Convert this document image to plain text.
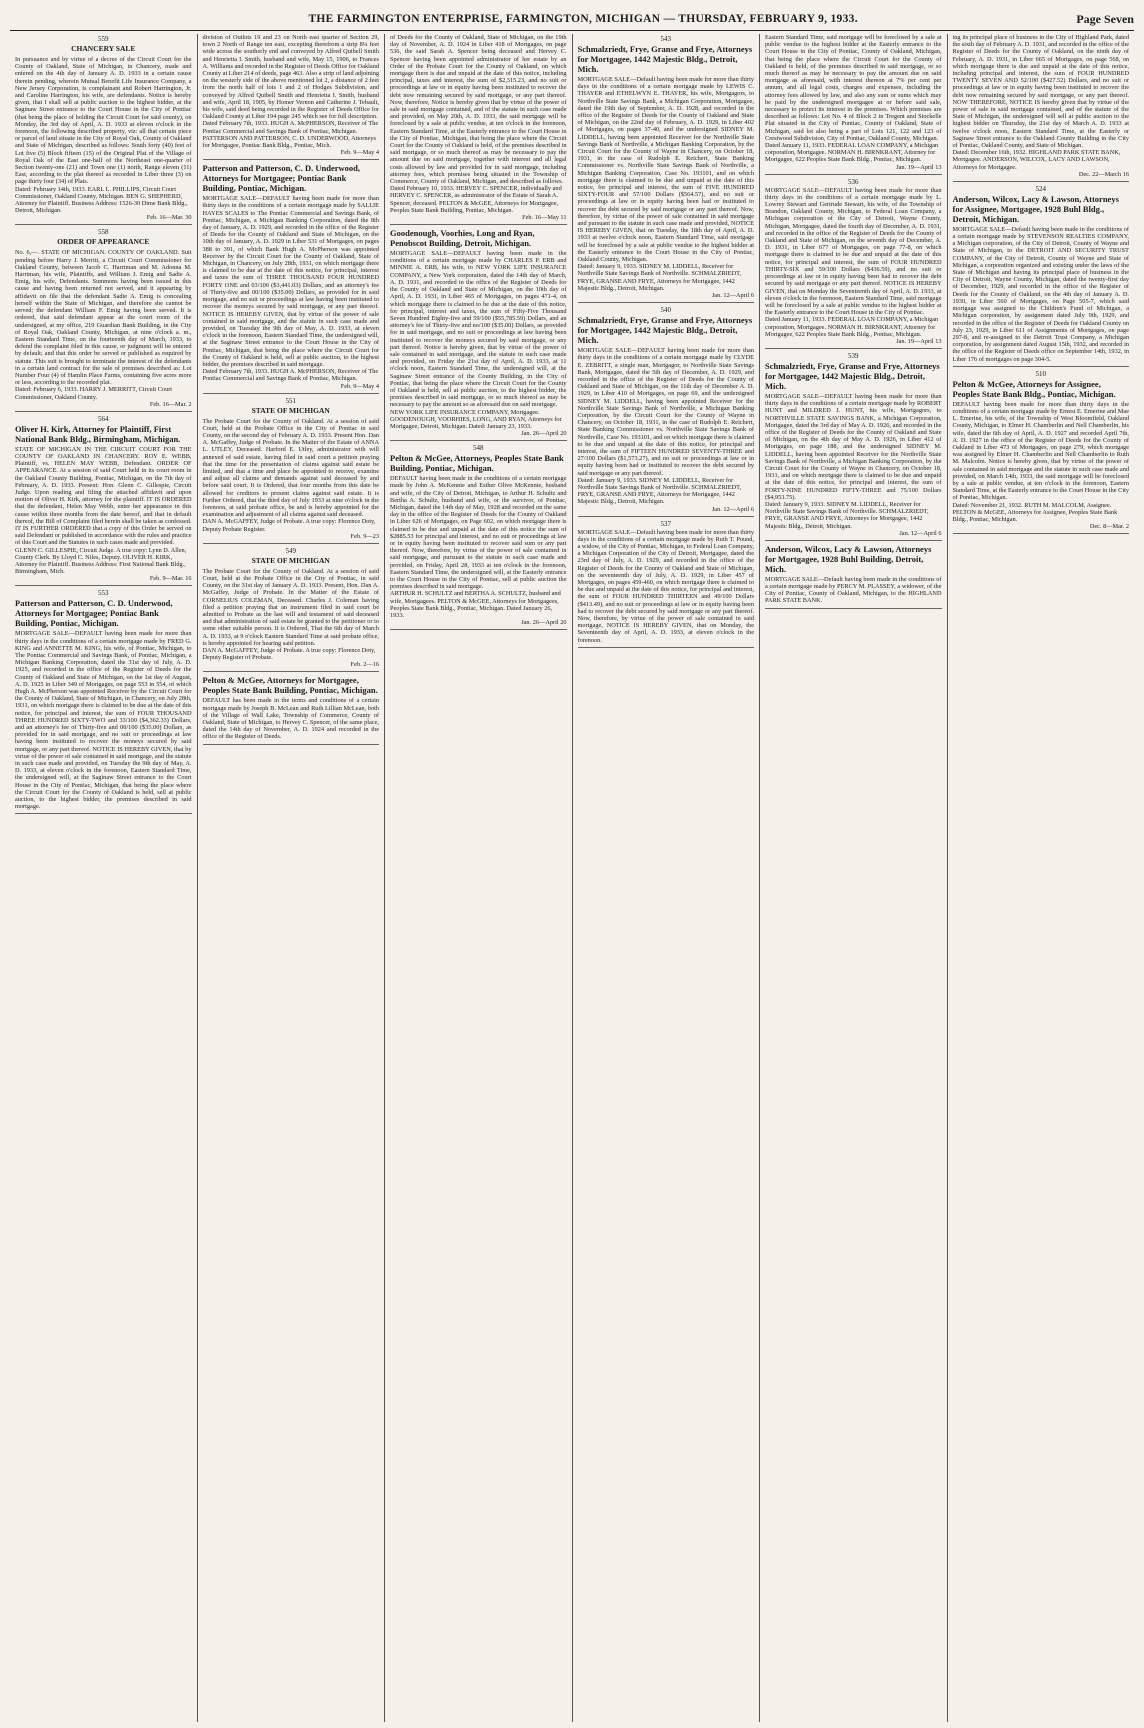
THE FARMINGTON ENTERPRISE, FARMINGTON, MICHIGAN — THURSDAY, FEBRUARY 9, 1933.	Page Seven
559
CHANCERY SALE

In pursuance and by virtue of a decree of the Circuit Court for the County of Oakland, State of Michigan, in Chancery, made and entered on the 4th day of January A. D. 1933 in a certain cause therein pending, wherein Mutual Benefit Life Insurance Company, a New Jersey Corporation, is complainant and Robert Harrington, Jr. and Caroline Harrington, his wife, are defendants. Notice is hereby given, that I shall sell at public auction to the highest bidder, at the Saginaw Street entrance to the Court House in the City of Pontiac (that being the place of holding the Circuit Court for said county), on Monday, the 3rd day of April, A. D. 1933 at eleven o'clock in the forenoon, the following described property, viz: all that certain piece or parcel of land situate in the City of Royal Oak, County of Oakland and State of Michigan, described as follows: South forty (40) feet of Lot five (5) Block fifteen (15) of the Original Plat of the Village of Royal Oak of the East one-half of the Northeast one-quarter of Section twenty-one (21) and Town one (1) north, Range eleven (11) East, according to the plat thereof as recorded in Liber three (3) on page thirty four (34) of Plats.

Dated: February 14th, 1933. EARL L. PHILLIPS, Circuit Court Commissioner, Oakland County, Michigan. BEN G. SHEPHERD, Attorney for Plaintiff. Business Address: 1526-30 Dime Bank Bldg., Detroit, Michigan.

Feb. 16—Mar. 30

558
ORDER OF APPEARANCE

No. 6,—. STATE OF MICHIGAN. COUNTY OF OAKLAND. Suit pending before Harry J. Merritt, a Circuit Court Commissioner for Oakland County, between Jacob C. Harriman and M. Adonna M. Harriman, his wife, Plaintiffs, and William J. Emig and Sadie A. Emig, his wife, Defendants. Summons having been issued in this cause and having been returned not served, and it appearing by affidavit on file that the defendant Sadie A. Emig is concealing herself within the State of Michigan, and therefore she cannot be served; the defendant William F. Emig having been served. It is ordered, that said defendant appear at the court room of the undersigned, at my office, 219 Guardian Bank Building, in the City of Royal Oak, Oakland County, Michigan, at nine o'clock a. m., Eastern Standard Time, on the fourteenth day of March, 1933, to defend the complaint filed in this cause, or judgment will be entered by default; and that this order be served or published as required by statute. This suit is brought to terminate the interest of the defendants in a certain land contract for the sale of premises described as: Lot Number Four (4) of Hamlin Place Farms, containing five acres more or less, according to the recorded plat.

Dated: February 6, 1933. HARRY J. MERRITT, Circuit Court Commissioner, Oakland County.

Feb. 16—Mar. 2

564
Oliver H. Kirk, Attorney for Plaintiff, First National Bank Bldg., Birmingham, Michigan.

STATE OF MICHIGAN IN THE CIRCUIT COURT FOR THE COUNTY OF OAKLAND IN CHANCERY. ROY E. WEBB, Plaintiff, vs. HELEN MAY WEBB, Defendant. ORDER OF APPEARANCE. At a session of said Court held in its court room in the Oakland County Building, Pontiac, Michigan, on the 7th day of February, A. D. 1933. Present: Hon. Glenn C. Gillespie, Circuit Judge. Upon reading and filing the attached affidavit and upon motion of Oliver H. Kirk, attorney for the plaintiff. IT IS ORDERED that the defendant, Helen May Webb, enter her appearance in this cause within three months from the date hereof, and that in default thereof, the Bill of Complaint filed herein shall be taken as confessed. IT IS FURTHER ORDERED that a copy of this Order be served on said Defendant or published in accordance with the rules and practice of this Court and the Statutes in such cases made and provided.

GLENN C. GILLESPIE, Circuit Judge. A true copy: Lynn D. Allen, County Clerk. By Lloyd C. Niles, Deputy. OLIVER H. KIRK, Attorney for Plaintiff. Business Address: First National Bank Bldg., Birmingham, Mich.

Feb. 9—Mar. 16

553
Patterson and Patterson, C. D. Underwood, Attorneys for Mortgagee; Pontiac Bank Building, Pontiac, Michigan.

MORTGAGE SALE—DEFAULT having been made for more than thirty days in the conditions of a certain mortgage made by FRED G. KING and ANNETTE M. KING, his wife, of Pontiac, Michigan, to The Pontiac Commercial and Savings Bank, of Pontiac, Michigan, a Michigan Banking Corporation, dated the 31st day of July, A. D. 1925, and recorded in the office of the Register of Deeds for the County of Oakland and State of Michigan, on the 1st day of August, A. D. 1925 in Liber 349 of Mortgages, on page 553 in 554, of which Hugh A. McPherson was appointed Receiver by the Circuit Court for the County of Oakland, State of Michigan, in Chancery, on July 28th, 1931, on which mortgage there is claimed to be due at the date of this notice, for principal and interest, the sum of FOUR THOUSAND THREE HUNDRED SIXTY-TWO and 33/100 ($4,362.33) Dollars, and an attorney's fee of Thirty-five and 00/100 ($35.00) Dollars, as provided for in said mortgage, and no suit or proceedings at law having been instituted to recover the moneys secured by said mortgage, or any part thereof. NOTICE IS HEREBY GIVEN, that by virtue of the power of sale contained in said mortgage, and the statute in such case made and provided, on Tuesday the 9th day of May, A. D. 1933, at eleven o'clock in the forenoon, Eastern Standard Time, the undersigned will, at the Saginaw Street entrance to the Court House in the City of Pontiac, Michigan, that being the place where the Circuit Court for the County of Oakland is held, sell at public auction, to the highest bidder, the premises described in said mortgage.

division of Outlots 19 and 23 on North east quarter of Section 29, town 2 North of Range ten east, excepting therefrom a strip 8¼ feet wide across the southerly end and conveyed by Alfred Quibell Smith and Henrietta I. Smith, husband and wife, May 15, 1906, to Frances A. Williams and recorded in the Register of Deeds Office for Oakland County at Liber 214 of deeds, page 463. Also a strip of land adjoining on the westerly side of the above mentioned lot 2, a distance of 2 feet from the north half of lots 1 and 2 of Hodges Subdivision, and conveyed by Alfred Quibell Smith and Henrietta I. Smith, husband and wife, April 18, 1905, by Homer Vernon and Catherine J. Tebault, his wife, said deed being recorded in the Register of Deeds Office for Oakland County at Liber 194 page 245 which see for full description.

Dated February 7th, 1933. HUGH A. McPHERSON, Receiver of The Pontiac Commercial and Savings Bank of Pontiac, Michigan. PATTERSON AND PATTERSON, C. D. UNDERWOOD, Attorneys for Mortgagee, Pontiac Bank Bldg., Pontiac, Mich.

Feb. 9—May 4

Patterson and Patterson, C. D. Underwood, Attorneys for Mortgagee; Pontiac Bank Building, Pontiac, Michigan.

MORTGAGE SALE—DEFAULT having been made for more than thirty days in the conditions of a certain mortgage made by SALLIE HAYES SCALES to The Pontiac Commercial and Savings Bank, of Pontiac, Michigan, a Michigan Banking Corporation, dated the 8th day of January, A. D. 1929, and recorded in the office of the Register of Deeds for the County of Oakland and State of Michigan, on the 10th day of January, A. D. 1929 in Liber 531 of Mortgages, on pages 388 to 391, of which Bank Hugh A. McPherson was appointed Receiver by the Circuit Court for the County of Oakland, State of Michigan, in Chancery, on July 28th, 1931, on which mortgage there is claimed to be due at the date of this notice, for principal, interest and taxes the sum of THREE THOUSAND FOUR HUNDRED FORTY ONE and 03/100 ($3,441.03) Dollars, and an attorney's fee of Thirty-five and 00/100 ($35.00) Dollars, as provided for in said mortgage, and no suit or proceedings at law having been instituted to recover the moneys secured by said mortgage, or any part thereof. NOTICE IS HEREBY GIVEN, that by virtue of the power of sale contained in said mortgage, and the statute in such case made and provided, on Tuesday the 9th day of May, A. D. 1933, at eleven o'clock in the forenoon, Eastern Standard Time, the undersigned will, at the Saginaw Street entrance to the Court House in the City of Pontiac, Michigan, that being the place where the Circuit Court for the County of Oakland is held, sell at public auction, to the highest bidder, the premises described in said mortgage.

Dated February 7th, 1933. HUGH A. McPHERSON, Receiver of The Pontiac Commercial and Savings Bank of Pontiac, Michigan.

Feb. 9—May 4

551
STATE OF MICHIGAN

The Probate Court for the County of Oakland. At a session of said Court, held at the Probate Office in the City of Pontiac in said County, on the second day of February A. D. 1933. Present Hon. Dan A. McGaffey, Judge of Probate. In the Matter of the Estate of ANNA L. UTLEY, Deceased. Harford E. Utley, administrator with will annexed of said estate, having filed in said court a petition praying that the time for the presentation of claims against said estate be limited, and that a time and place be appointed to receive, examine and adjust all claims and demands against said deceased by and before said court. It is Ordered, that four months from this date be allowed for creditors to present claims against said estate. It is Further Ordered, that the third day of July 1933 at nine o'clock in the forenoon, at said probate office, be and is hereby appointed for the examination and adjustment of all claims against said deceased.

DAN A. McGAFFEY, Judge of Probate. A true copy: Florence Doty, Deputy Probate Register.

Feb. 9—23

549
STATE OF MICHIGAN

The Probate Court for the County of Oakland. At a session of said Court, held at the Probate Office in the City of Pontiac, in said County, on the 31st day of January A. D. 1933. Present, Hon. Dan A. McGaffey, Judge of Probate. In the Matter of the Estate of CORNELIUS COLEMAN, Deceased. Charles J. Coleman having filed a petition praying that an instrument filed in said court be admitted to Probate as the last will and testament of said deceased and that administration of said estate be granted to the petitioner or to some other suitable person. It is Ordered, That the 6th day of March A. D. 1933, at 9 o'clock Eastern Standard Time at said probate office, is hereby appointed for hearing said petition.

DAN A. McGAFFEY, Judge of Probate. A true copy: Florence Doty, Deputy Register of Probate.

Feb. 2—16

Pelton & McGee, Attorneys for Mortgagee, Peoples State Bank Building, Pontiac, Michigan.

DEFAULT has been made in the terms and conditions of a certain mortgage made by Joseph B. McLean and Ruth Lillian McLean, both of the Village of Wall Lake, Township of Commerce, County of Oakland, State of Michigan, to Hervey C. Spencer, of the same place, dated the 14th day of November, A. D. 1924 and recorded in the office of the Register of Deeds.

of Deeds for the County of Oakland, State of Michigan, on the 19th day of November, A. D. 1924 in Liber 418 of Mortgages, on page 536, the said Sarah A. Spencer being deceased and Hervey C. Spencer having been appointed administrator of her estate by an Order of the Probate Court for the County of Oakland, on which mortgage there is due and unpaid at the date of this notice, including principal, taxes and interest, the sum of $2,315.23, and no suit or proceedings at law or in equity having been instituted to recover the debt now remaining secured by said mortgage, or any part thereof. Now, therefore, Notice is hereby given that by virtue of the power of sale in said mortgage contained, and of the statute in such case made and provided, on May 20th, A. D. 1933, the said mortgage will be foreclosed by a sale at public vendue, at ten o'clock in the forenoon, Eastern Standard Time, at the Easterly entrance to the Court House in the City of Pontiac, Michigan, that being the place where the Circuit Court for the County of Oakland is held, of the premises described in said mortgage, or so much thereof as may be necessary to pay the amount due on said mortgage, together with interest and all legal costs allowed by law and provided for in said mortgage, including attorney fees, which premises being situated in the Township of Commerce, County of Oakland, Michigan, and described as follows.

Dated February 10, 1933. HERVEY C. SPENCER, individually and HERVEY C. SPENCER, as administrator of the Estate of Sarah A. Spencer, deceased. PELTON & McGEE, Attorneys for Mortgagee, Peoples State Bank Building, Pontiac, Michigan.

Feb. 16—May 11

Goodenough, Voorhies, Long and Ryan, Penobscot Building, Detroit, Michigan.

MORTGAGE SALE—DEFAULT having been made in the conditions of a certain mortgage made by CHARLES P. ERB and MINNIE A. ERB, his wife, to NEW YORK LIFE INSURANCE COMPANY, a New York corporation, dated the 14th day of March, A. D. 1931, and recorded in the office of the Register of Deeds for the County of Oakland and State of Michigan, on the 10th day of April, A. D. 1931, in Liber 465 of Mortgages, on pages 471-4, on which mortgage there is claimed to be due at the date of this notice, for principal, interest and taxes, the sum of Fifty-Five Thousand Seven Hundred Eighty-five and 59/100 ($55,785.59) Dollars, and an attorney's fee of Thirty-five and no/100 ($35.00) Dollars, as provided for in said mortgage, and no suit or proceedings at law having been instituted to recover the moneys secured by said mortgage, or any part thereof. Notice is hereby given, that by virtue of the power of sale contained in said mortgage, and the statute in such case made and provided, on Friday the 21st day of April, A. D. 1933, at 11 o'clock noon, Eastern Standard Time, the undersigned will, at the Saginaw Street entrance of the County Building, in the City of Pontiac, that being the place where the Circuit Court for the County of Oakland is held, sell at public auction, to the highest bidder, the premises described in said mortgage, or so much thereof as may be necessary to pay the amount so as aforesaid due on said mortgage.

NEW YORK LIFE INSURANCE COMPANY, Mortgagee. GOODENOUGH, VOORHIES, LONG, AND RYAN, Attorneys for Mortgagee, Detroit, Michigan. Dated: January 23, 1933.

Jan. 26—April 20

548
Pelton & McGee, Attorneys, Peoples State Bank Building, Pontiac, Michigan.

DEFAULT having been made in the conditions of a certain mortgage made by John A. McKennie and Esther Olive McKennie, husband and wife, of the City of Detroit, Michigan, to Arthur H. Schultz and Bertha A. Schultz, husband and wife, or the survivor, of Pontiac, Michigan, dated the 14th day of May, 1928 and recorded on the same day in the office of the Register of Deeds for the County of Oakland in Liber 626 of Mortgages, on Page 602, on which mortgage there is claimed to be due and unpaid at the date of this notice the sum of $2885.53 for principal and interest, and no suit or proceedings at law or in equity having been instituted to recover said sum or any part thereof. Now, therefore, by virtue of the power of sale contained in said mortgage, and pursuant to the statute in such case made and provided, on Friday, April 28, 1933 at ten o'clock in the forenoon, Eastern Standard Time, the undersigned will, at the Easterly entrance to the Court House in the City of Pontiac, sell at public auction the premises described in said mortgage.

ARTHUR H. SCHULTZ and BERTHA A. SCHULTZ, husband and wife, Mortgagees. PELTON & McGEE, Attorneys for Mortgagees, Peoples State Bank Bldg., Pontiac, Michigan. Dated January 26, 1933.

Jan. 26—April 20

543
Schmalzriedt, Frye, Granse and Frye, Attorneys for Mortgagee, 1442 Majestic Bldg., Detroit, Mich.

MORTGAGE SALE—Default having been made for more than thirty days in the conditions of a certain mortgage made by LEWIS C. THAYER and ETHELWYN E. THAYER, his wife, Mortgagors, to Northville State Savings Bank, a Michigan Corporation, Mortgagee, dated the 19th day of September, A. D. 1928, and recorded in the office of the Register of Deeds for the County of Oakland and State of Michigan, on the 22nd day of February, A. D. 1929, in Liber 402 of Mortgages, on pages 37-40, and the undersigned SIDNEY M. LIDDELL, having been appointed Receiver for the Northville State Savings Bank of Northville, a Michigan Banking Corporation, by the Circuit Court for the County of Wayne in Chancery, on October 18, 1931, in the case of Rudolph E. Reichert, State Banking Commissioner vs. Northville State Savings Bank of Northville, a Michigan Banking Corporation, Case No. 193101, and on which mortgage there is claimed to be due and unpaid at the date of this notice, for principal and interest, the sum of FIVE HUNDRED SIXTY-FOUR and 57/100 Dollars ($564.57), and no suit or proceedings at law or in equity having been had or instituted to recover the debt secured by said mortgage or any part thereof. Now, therefore, by virtue of the power of sale contained in said mortgage and pursuant to the statute in such case made and provided, NOTICE IS HEREBY GIVEN, that on Tuesday, the 18th day of April, A. D. 1933 at twelve o'clock noon, Eastern Standard Time, said mortgage will be foreclosed by a sale at public vendue to the highest bidder at the Easterly entrance to the Court House in the City of Pontiac, Oakland County, Michigan.

Dated: January 9, 1933. SIDNEY M. LIDDELL, Receiver for Northville State Savings Bank of Northville. SCHMALZRIEDT, FRYE, GRANSE AND FRYE, Attorneys for Mortgagee, 1442 Majestic Bldg., Detroit, Michigan.

Jan. 12—April 6

540
Schmalzriedt, Frye, Granse and Frye, Attorneys for Mortgagee, 1442 Majestic Bldg., Detroit, Mich.

MORTGAGE SALE—DEFAULT having been made for more than thirty days in the conditions of a certain mortgage made by CLYDE E. ZEBRITT, a single man, Mortgagor, to Northville State Savings Bank, Mortgagee, dated the 5th day of December, A. D. 1929, and recorded in the office of the Register of Deeds for the County of Oakland and State of Michigan, on the 11th day of December A. D. 1929, in Liber 410 of Mortgages, on page 69, and the undersigned SIDNEY M. LIDDELL, having been appointed Receiver for the Northville State Savings Bank of Northville, a Michigan Banking Corporation, by the Circuit Court for the County of Wayne in Chancery, on October 18, 1931, in the case of Rudolph E. Reichert, State Banking Commissioner vs. Northville State Savings Bank of Northville, Case No. 193101, and on which mortgage there is claimed to be due and unpaid at the date of this notice, for principal and interest, the sum of FIFTEEN HUNDRED SEVENTY-THREE and 27/100 Dollars ($1,573.27), and no suit or proceedings at law or in equity having been had or instituted to recover the debt secured by said mortgage or any part thereof.

Dated: January 9, 1933. SIDNEY M. LIDDELL, Receiver for Northville State Savings Bank of Northville. SCHMALZRIEDT, FRYE, GRANSE AND FRYE, Attorneys for Mortgagee, 1442 Majestic Bldg., Detroit, Michigan.

Jan. 12—April 6

537

MORTGAGE SALE—Default having been made for more than thirty days in the conditions of a certain mortgage made by Ruth T. Pound, a widow, of the City of Pontiac, Michigan, to Federal Loan Company, a Michigan Corporation of the City of Detroit, Mortgagee, dated the 23rd day of July, A. D. 1929, and recorded in the office of the Register of Deeds for the County of Oakland and State of Michigan, on the seventeenth day of July, A. D. 1929, in Liber 457 of Mortgages, on pages 459-460, on which mortgage there is claimed to be due and unpaid at the date of this notice, for principal and interest, the sum of FOUR HUNDRED THIRTEEN and 49/100 Dollars ($413.49), and no suit or proceedings at law or in equity having been had to recover the debt secured by said mortgage or any part thereof. Now, therefore, by virtue of the power of sale contained in said mortgage, NOTICE IS HEREBY GIVEN, that on Monday, the Seventeenth day of April, A. D. 1933, at eleven o'clock in the forenoon.

Eastern Standard Time, said mortgage will be foreclosed by a sale at public vendue to the highest bidder at the Easterly entrance to the Court House in the City of Pontiac, County of Oakland, Michigan, that being the place where the Circuit Court for the County of Oakland is held, of the premises described in said mortgage, or so much thereof as may be necessary to pay the amount due on said mortgage as aforesaid, with interest thereon at 7% per cent per annum, and all legal costs, charges and expenses, including the attorney fees allowed by law, and also any sum or sums which may be paid by the undersigned mortgagee at or before said sale, necessary to protect its interest in the premises. Which premises are described as follows: Lot No. 4 of Block 2 in Tregent and Stockelle Plat situated in the City of Pontiac, County of Oakland, State of Michigan, said lot also being a part of Lots 121, 122 and 123 of Crestwood Subdivision, City of Pontiac, Oakland County, Michigan.

Dated January 11, 1933. FEDERAL LOAN COMPANY, a Michigan corporation, Mortgagee. NORMAN H. BIRNKRANT, Attorney for Mortgagee, 622 Peoples State Bank Bldg., Pontiac, Michigan.

Jan. 19—April 13

536

MORTGAGE SALE—DEFAULT having been made for more than thirty days in the conditions of a certain mortgage made by L. Lowrey Stewart and Gertrude Stewart, his wife, of the Township of Brandon, Oakland County, Michigan, to Federal Loan Company, a Michigan corporation of the City of Detroit, Wayne County, Michigan, Mortgagee, dated the fourth day of December, A. D. 1931, and recorded in the office of the Register of Deeds for the County of Oakland and State of Michigan, on the seventh day of December, A. D. 1931, in Liber 677 of Mortgages, on page 77-8, on which mortgage there is claimed to be due and unpaid at the date of this notice, for principal and interest, the sum of FOUR HUNDRED THIRTY-SIX and 59/100 Dollars ($436.59), and no suit or proceedings at law or in equity having been had to recover the debt secured by said mortgage or any part thereof. NOTICE IS HEREBY GIVEN, that on Monday the Seventeenth day of April, A. D. 1933, at eleven o'clock in the forenoon, Eastern Standard Time, said mortgage will be foreclosed by a sale at public vendue to the highest bidder at the Easterly entrance to the Court House in the City of Pontiac.

Dated January 11, 1933. FEDERAL LOAN COMPANY, a Michigan corporation, Mortgagee. NORMAN H. BIRNKRANT, Attorney for Mortgagee, 622 Peoples State Bank Bldg., Pontiac, Michigan.

Jan. 19—April 13

539
Schmalzriedt, Frye, Granse and Frye, Attorneys for Mortgagee, 1442 Majestic Bldg., Detroit, Mich.

MORTGAGE SALE—DEFAULT having been made for more than thirty days in the conditions of a certain mortgage made by ROBERT HUNT and MILDRED J. HUNT, his wife, Mortgagors, to NORTHVILLE STATE SAVINGS BANK, a Michigan Corporation, Mortgagee, dated the 3rd day of May A. D. 1926, and recorded in the office of the Register of Deeds for the County of Oakland and State of Michigan, on the 4th day of May A. D. 1926, in Liber 412 of Mortgages, on page 188, and the undersigned SIDNEY M. LIDDELL, having been appointed Receiver for the Northville State Savings Bank of Northville, a Michigan Banking Corporation, by the Circuit Court for the County of Wayne in Chancery, on October 18, 1931, and on which mortgage there is claimed to be due and unpaid at the date of this notice, for principal and interest, the sum of FORTY-NINE HUNDRED FIFTY-THREE and 75/100 Dollars ($4,953.75).

Dated: January 9, 1933. SIDNEY M. LIDDELL, Receiver for Northville State Savings Bank of Northville. SCHMALZRIEDT, FRYE, GRANSE AND FRYE, Attorneys for Mortgagee, 1442 Majestic Bldg., Detroit, Michigan.

Jan. 12—April 6

Anderson, Wilcox, Lacy & Lawson, Attorneys for Mortgagee, 1928 Buhl Building, Detroit, Mich.

MORTGAGE SALE—Default having been made in the conditions of a certain mortgage made by PERCY M. PLASSEY, a widower, of the City of Pontiac, County of Oakland, Michigan, to the HIGHLAND PARK STATE BANK.

ing its principal place of business in the City of Highland Park, dated the sixth day of February A. D. 1931, and recorded in the office of the Register of Deeds for the County of Oakland, on the ninth day of February, A. D. 1931, in Liber 665 of Mortgages, on page 568, on which mortgage there is due and unpaid at the date of this notice, including principal and interest, the sum of FOUR HUNDRED TWENTY SEVEN AND 52/100 ($427.52) Dollars, and no suit or proceedings at law or in equity having been instituted to recover the debt now remaining secured by said mortgage, or any part thereof. NOW THEREFORE, NOTICE IS hereby given that by virtue of the power of sale in said mortgage contained, and of the statute of the State of Michigan, the undersigned will sell at public auction to the highest bidder on Thursday, the 21st day of March A. D. 1933 at twelve o'clock noon, Eastern Standard Time, at the Easterly or Saginaw Street entrance to the Oakland County Building in the City of Pontiac, Oakland County, and State of Michigan.

Dated: December 16th, 1932. HIGHLAND PARK STATE BANK, Mortgagee. ANDERSON, WILCOX, LACY AND LAWSON, Attorneys for Mortgagee.

Dec. 22—March 16

524
Anderson, Wilcox, Lacy & Lawson, Attorneys for Assignee, Mortgagee, 1928 Buhl Bldg., Detroit, Michigan.

MORTGAGE SALE—Default having been made in the conditions of a certain mortgage made by STEVENSON REALTIES COMPANY, a Michigan corporation, of the City of Detroit, County of Wayne and State of Michigan, to the DETROIT AND SECURITY TRUST COMPANY, of the City of Detroit, County of Wayne and State of Michigan, a corporation organized and existing under the laws of the State of Michigan and having its principal place of business in the City of Detroit, Wayne County, Michigan, dated the twenty-first day of December, 1929, and recorded in the office of the Register of Deeds for the County of Oakland, on the 4th day of January A. D. 1930, in Liber 560 of Mortgages, on Page 505-7, which said mortgage was assigned to the Children's Fund of Michigan, a Michigan corporation, by assignment dated July 9th, 1929, and recorded in the office of the Register of Deeds for Oakland County on July 23, 1929, in Liber 611 of Assignments of Mortgages, on page 297-8, and re-assigned to the Detroit Trust Company, a Michigan corporation, by assignment dated August 15th, 1932, and recorded in the office of the Register of Deeds office on September 14th, 1932, in Liber 176 of mortgages on page 304-5.

510
Pelton & McGee, Attorneys for Assignee, Peoples State Bank Bldg., Pontiac, Michigan.

DEFAULT having been made for more than thirty days in the conditions of a certain mortgage made by Ernest E. Emerine and Mae L. Emerine, his wife, of the Township of West Bloomfield, Oakland County, Michigan, to Elmer H. Chamberlin and Nell Chamberlin, his wife, dated the 6th day of April, A. D. 1927 and recorded April 7th, A. D. 1927 in the office of the Register of Deeds for the County of Oakland in Liber 473 of Mortgages, on page 279, which mortgage was assigned by Elmer H. Chamberlin and Nell Chamberlin to Ruth M. Malcolm. Notice is hereby given, that by virtue of the power of sale contained in said mortgage and the statute in such case made and provided, on March 14th, 1933, the said mortgage will be foreclosed by a sale at public vendue, at ten o'clock in the forenoon, Eastern Standard Time, at the Easterly entrance to the Court House in the City of Pontiac, Michigan.

Dated: November 21, 1932. RUTH M. MALCOLM, Assignee. PELTON & McGEE, Attorneys for Assignee, Peoples State Bank Bldg., Pontiac, Michigan.

Dec. 8—Mar. 2
